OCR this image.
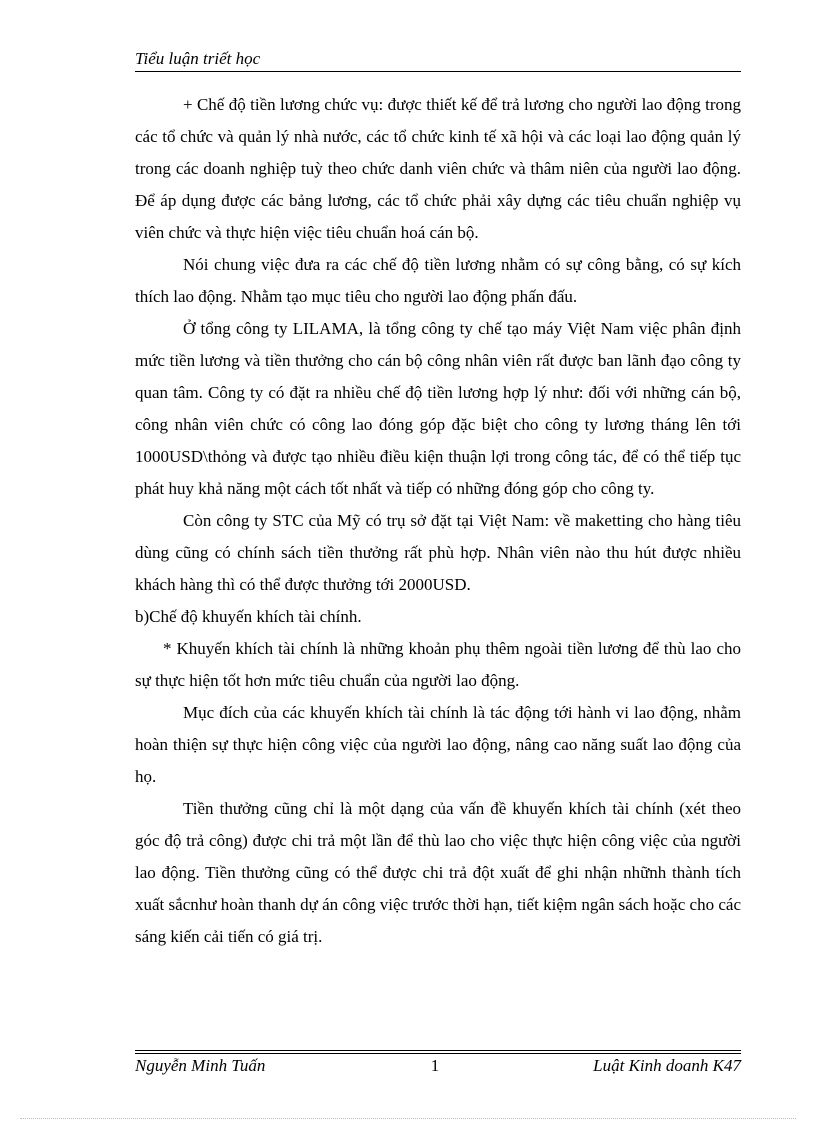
Tiểu luận triết học

+ Chế độ tiền lương chức vụ: được thiết kế để trả lương cho người lao động trong các tổ chức và quản lý nhà nước, các tổ chức kinh tế xã hội và các loại lao động quản lý trong các doanh nghiệp tuỳ theo chức danh viên chức và thâm niên của người lao động. Để áp dụng được các bảng lương, các tổ chức phải xây dựng các tiêu chuẩn nghiệp vụ viên chức và thực hiện việc tiêu chuẩn hoá cán bộ.

Nói chung việc đưa ra các chế độ tiền lương nhằm có sự công bằng, có sự kích thích lao động. Nhằm tạo mục tiêu cho người lao động phấn đấu.

Ở tổng công ty LILAMA, là tổng công ty chế tạo máy Việt Nam việc phân định mức tiền lương và tiền thưởng cho cán bộ công nhân viên rất được ban lãnh đạo công ty quan tâm. Công ty có đặt ra nhiều chế độ tiền lương hợp lý như: đối với những cán bộ, công nhân viên chức có công lao đóng góp đặc biệt cho công ty lương tháng lên tới 1000USD\thỏng và được tạo nhiều điều kiện thuận lợi trong công tác, để có thể tiếp tục phát huy khả năng một cách tốt nhất và tiếp có những đóng góp cho công ty.

Còn công ty STC của Mỹ có trụ sở đặt tại Việt Nam: về maketting cho hàng tiêu dùng cũng có chính sách tiền thưởng rất phù hợp. Nhân viên nào thu hút được nhiều khách hàng thì có thể được thưởng tới 2000USD.

b)Chế độ khuyến khích tài chính.

* Khuyến khích tài chính là những khoản phụ thêm ngoài tiền lương để thù lao cho sự thực hiện tốt hơn mức tiêu chuẩn của người lao động.

Mục đích của các khuyến khích tài chính là tác động tới hành vi lao động, nhằm hoàn thiện sự thực hiện công việc của người lao động, nâng cao năng suất lao động của họ.

Tiền thưởng cũng chỉ là một dạng của vấn đề khuyến khích tài chính (xét theo góc độ trả công) được chi trả một lần để thù lao cho việc thực hiện công việc của người lao động. Tiền thưởng cũng có thể được chi trả đột xuất để ghi nhận nhữnh thành tích xuất sắcnhư hoàn thanh dự án công việc trước thời hạn, tiết kiệm ngân sách hoặc cho các sáng kiến cải tiến có giá trị.

Nguyễn Minh Tuấn	1	Luật Kinh doanh K47
